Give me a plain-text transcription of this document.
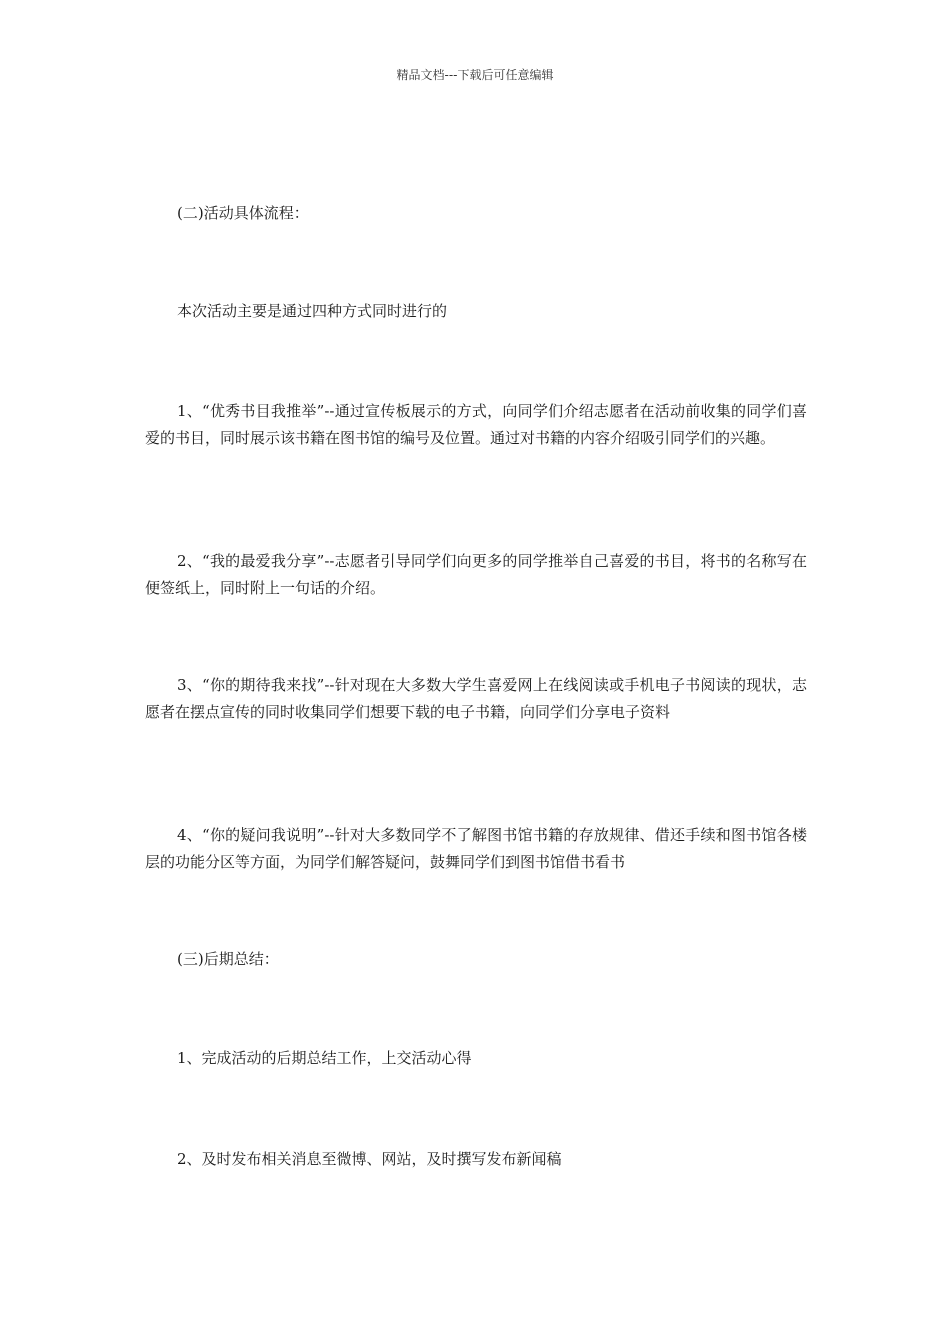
精品文档---下载后可任意编辑

(二)活动具体流程：

本次活动主要是通过四种方式同时进行的

1、“优秀书目我推举”--通过宣传板展示的方式，向同学们介绍志愿者在活动前收集的同学们喜爱的书目，同时展示该书籍在图书馆的编号及位置。通过对书籍的内容介绍吸引同学们的兴趣。

2、“我的最爱我分享”--志愿者引导同学们向更多的同学推举自己喜爱的书目，将书的名称写在便签纸上，同时附上一句话的介绍。

3、“你的期待我来找”--针对现在大多数大学生喜爱网上在线阅读或手机电子书阅读的现状，志愿者在摆点宣传的同时收集同学们想要下载的电子书籍，向同学们分享电子资料

4、“你的疑问我说明”--针对大多数同学不了解图书馆书籍的存放规律、借还手续和图书馆各楼层的功能分区等方面，为同学们解答疑问，鼓舞同学们到图书馆借书看书

(三)后期总结：

1、完成活动的后期总结工作，上交活动心得

2、及时发布相关消息至微博、网站，及时撰写发布新闻稿
